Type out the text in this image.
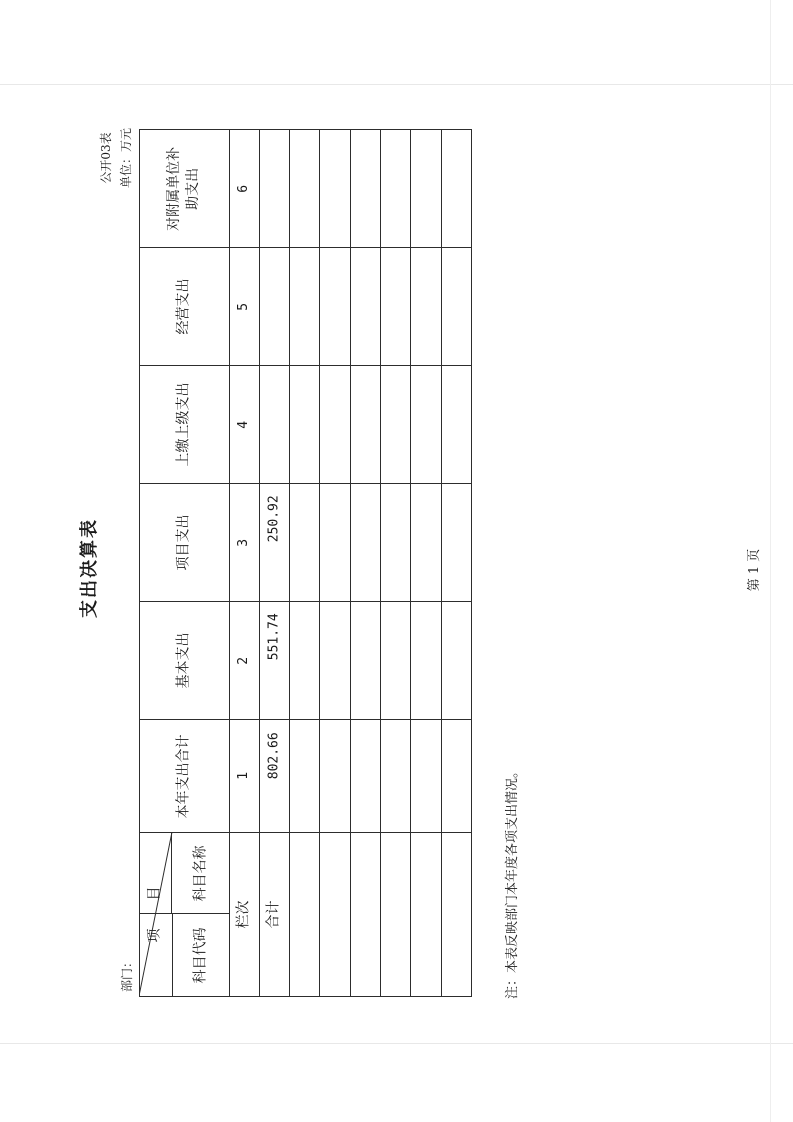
支出决算表
公开03表 单位：万元
部门：
项　　目
科目名称
科目代码
本年支出合计
基本支出
项目支出
上缴上级支出
经营支出
对附属单位补助支出
栏次
1
2
3
4
5
6
合计
802.66
551.74
250.92
注：本表反映部门本年度各项支出情况。
第 1 页
